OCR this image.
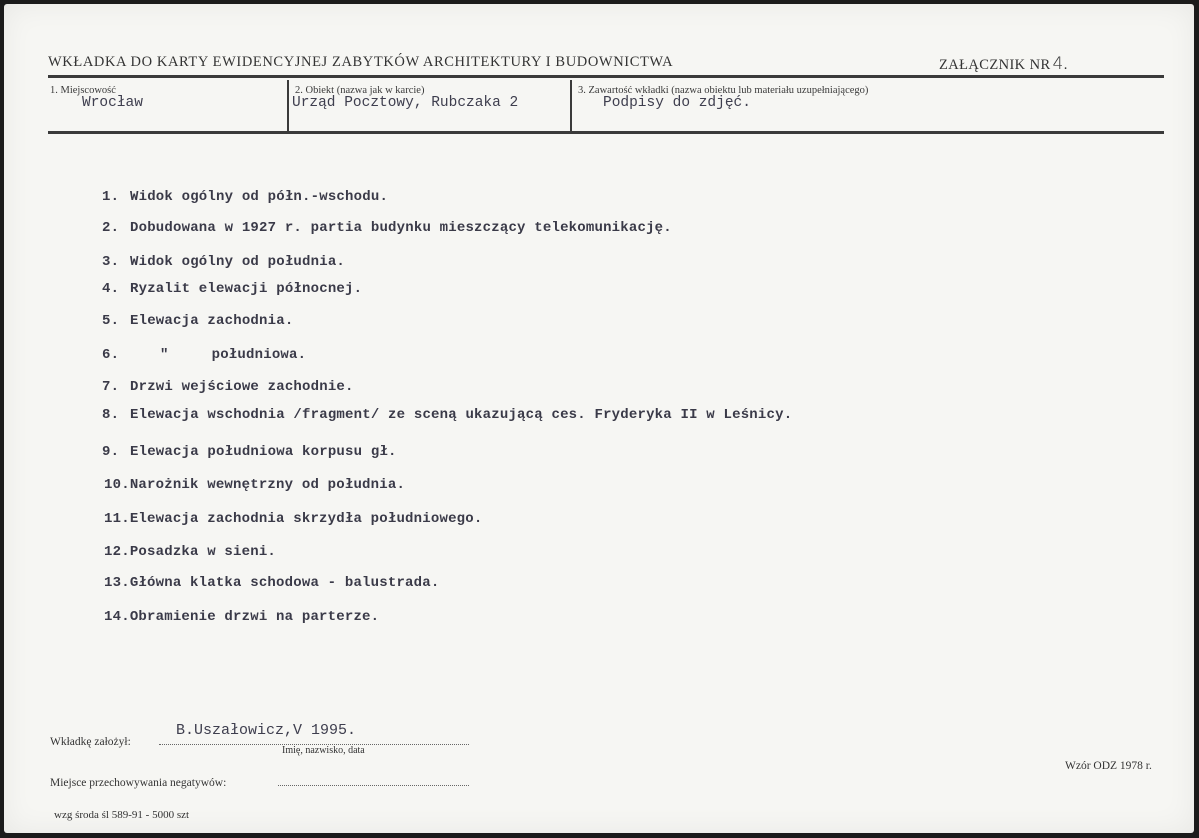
WKŁADKA DO KARTY EWIDENCYJNEJ ZABYTKÓW ARCHITEKTURY I BUDOWNICTWA	ZAŁĄCZNIK NR 4.
1. Miejscowość
Wrocław
2. Obiekt (nazwa jak w karcie)
Urząd Pocztowy, Rubczaka 2
3. Zawartość wkładki (nazwa obiektu lub materiału uzupełniającego)
Podpisy do zdjęć.
1. Widok ogólny od półn.-wschodu.
2. Dobudowana w 1927 r. partia budynku mieszczący telekomunikację.
3. Widok ogólny od południa.
4. Ryzalit elewacji północnej.
5. Elewacja zachodnia.
6.	"     południowa.
7. Drzwi wejściowe zachodnie.
8. Elewacja wschodnia /fragment/ ze sceną ukazującą ces. Fryderyka II w Leśnicy.
9. Elewacja południowa korpusu gł.
10.Narożnik wewnętrzny od południa.
11.Elewacja zachodnia skrzydła południowego.
12.Posadzka w sieni.
13.Główna klatka schodowa - balustrada.
14.Obramienie drzwi na parterze.
Wkładkę założył:
B.Uszałowicz,V 1995.
Imię, nazwisko, data
Miejsce przechowywania negatywów:
Wzór ODZ 1978 r.
wzg środa śl 589-91 - 5000 szt
